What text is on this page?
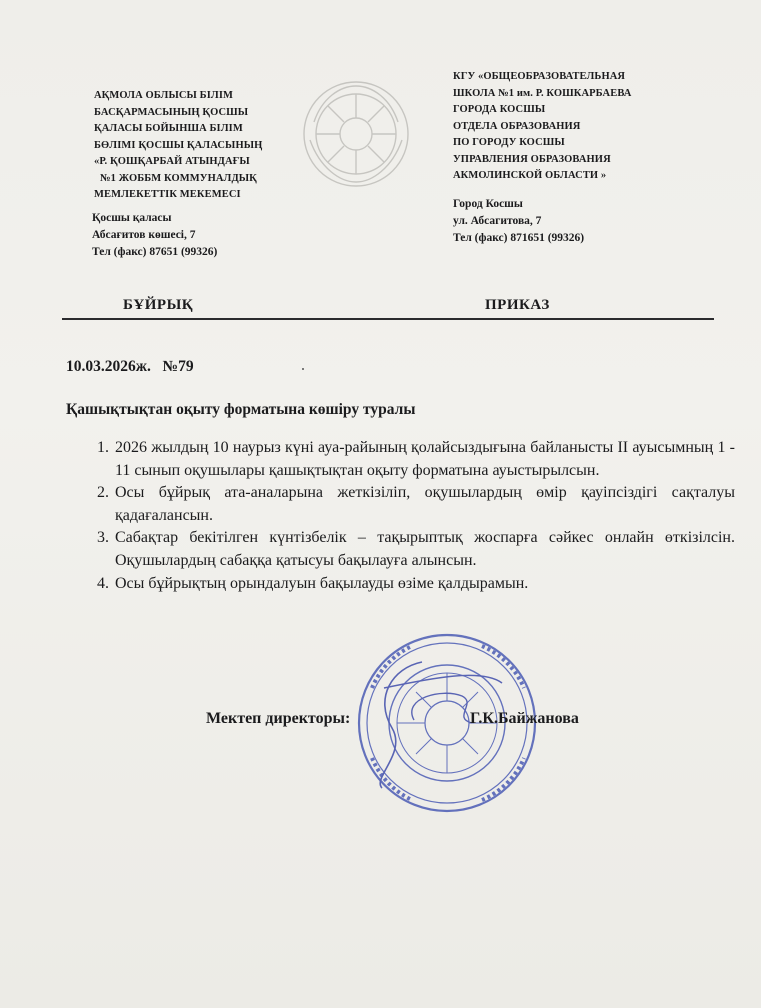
АҚМОЛА ОБЛЫСЫ БІЛІМ
БАСҚАРМАСЫНЫҢ ҚОСШЫ
ҚАЛАСЫ БОЙЫНША БІЛІМ
БӨЛІМІ ҚОСШЫ ҚАЛАСЫНЫҢ
«Р. ҚОШҚАРБАЙ АТЫНДАҒЫ
№1 ЖОББМ КОММУНАЛДЫҚ
МЕМЛЕКЕТТІК МЕКЕМЕСІ
Қосшы қаласы
Абсағитов көшесі, 7
Тел (факс) 87651 (99326)
КГУ «ОБЩЕОБРАЗОВАТЕЛЬНАЯ
ШКОЛА №1 им. Р. КОШКАРБАЕВА
ГОРОДА КОСШЫ
ОТДЕЛА ОБРАЗОВАНИЯ
ПО ГОРОДУ КОСШЫ
УПРАВЛЕНИЯ ОБРАЗОВАНИЯ
АКМОЛИНСКОЙ ОБЛАСТИ »
Город Косшы
ул. Абсагитова, 7
Тел (факс) 871651 (99326)
БҰЙРЫҚ	ПРИКАЗ
10.03.2026ж.   №79
Қашықтықтан оқыту форматына көшіру туралы
1. 2026 жылдың 10 наурыз күні ауа-райының қолайсыздығына байланысты II ауысымның 1 - 11 сынып оқушылары қашықтықтан оқыту форматына ауыстырылсын.
2. Осы бұйрық ата-аналарына жеткізіліп, оқушылардың өмір қауіпсіздігі сақталуы қадағалансын.
3. Сабақтар бекітілген күнтізбелік – тақырыптық жоспарға сәйкес онлайн өткізілсін. Оқушылардың сабаққа қатысуы бақылауға алынсын.
4. Осы бұйрықтың орындалуын бақылауды өзіме қалдырамын.
Мектеп директоры:	Г.К.Байжанова
